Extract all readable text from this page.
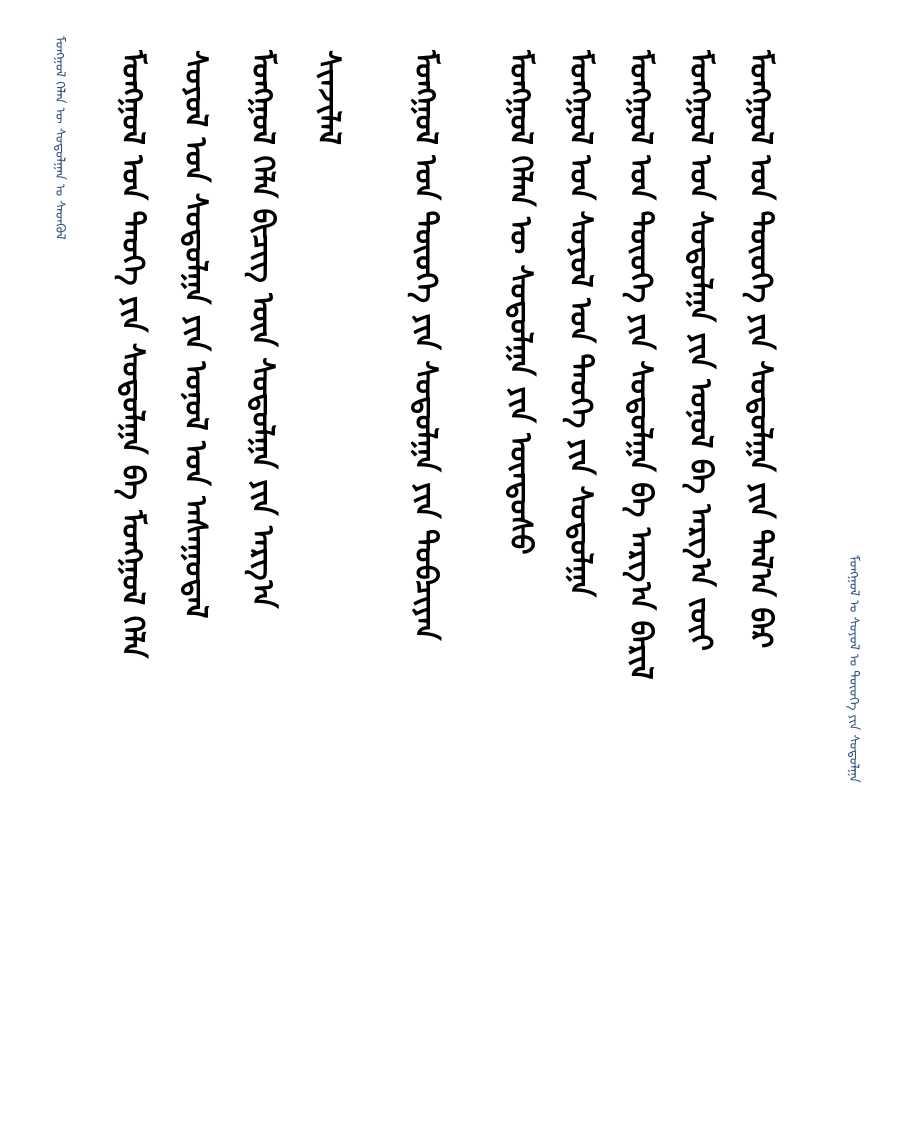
ᠮᠣᠩᠭᠣᠯ ᠬᠡᠯᠡᠨ ᠦ ᠰᠣᠳᠤᠯᠭᠠᠨ ᠤ ᠰᠡᠳᠬᠦᠯ ᠮᠣᠩᠭᠣᠯ ᠤᠨ ᠲᠡᠦᠬᠡ ᠶᠢᠨ ᠰᠤᠳᠤᠯᠭᠠ ᠪᠠ ᠮᠣᠩᠭᠣᠯ ᠬᠡᠯᠡ ᠰᠣᠶᠣᠯ ᠤᠨ ᠰᠤᠳᠤᠯᠭᠠ ᠶᠢᠨ ᠣᠨᠣᠯ ᠤᠨ ᠠᠰᠠᠭᠤᠳᠠᠯ ᠮᠣᠩᠭᠣᠯ ᠬᠡᠯᠡ ᠪᠢᠴᠢᠭ ᠦᠨ ᠰᠤᠳᠤᠯᠭᠠ ᠶᠢᠨ ᠠᠷᠭ᠎ᠠ ᠰᠢᠨᠵᠢᠯᠡᠯ ᠮᠣᠩᠭᠣᠯ ᠤᠨ ᠲᠦᠦᠬᠡ ᠶᠢᠨ ᠰᠤᠳᠤᠯᠭᠠ ᠶᠢᠨ ᠲᠣᠪᠴᠢᠶᠠᠨ ᠮᠣᠩᠭᠣᠯ ᠬᠡᠯᠡᠨ ᠦ ᠰᠤᠳᠤᠯᠭᠠ ᠶᠢᠨ ᠦᠨᠳᠦᠰᠦ ᠮᠣᠩᠭᠣᠯ ᠤᠨ ᠰᠣᠶᠣᠯ ᠤᠨ ᠲᠡᠦᠬᠡ ᠶᠢᠨ ᠰᠤᠳᠤᠯᠭᠠ ᠮᠣᠩᠭᠣᠯ ᠤᠨ ᠲᠦᠦᠬᠡ ᠶᠢᠨ ᠰᠤᠳᠤᠯᠭᠠ ᠪᠠ ᠠᠷᠭ᠎ᠠ ᠪᠠᠷᠢᠯ ᠮᠣᠩᠭᠣᠯ ᠤᠨ ᠰᠤᠳᠤᠯᠭᠠ ᠶᠢᠨ ᠣᠨᠣᠯ ᠪᠠ ᠠᠷᠭ᠎ᠠ ᠵᠦᠢ ᠮᠣᠩᠭᠣᠯ ᠤᠨ ᠲᠦᠦᠬᠡ ᠶᠢᠨ ᠰᠤᠳᠤᠯᠭᠠ ᠶᠢᠨ ᠲᠠᠯ᠎ᠠ ᠪᠠᠷ
ᠮᠣᠩᠭᠣᠯ ᠤ ᠰᠣᠶᠣᠯ ᠤ ᠲᠦᠦᠬᠡ ᠶᠢᠨ ᠰᠤᠳᠤᠯᠭᠠ
